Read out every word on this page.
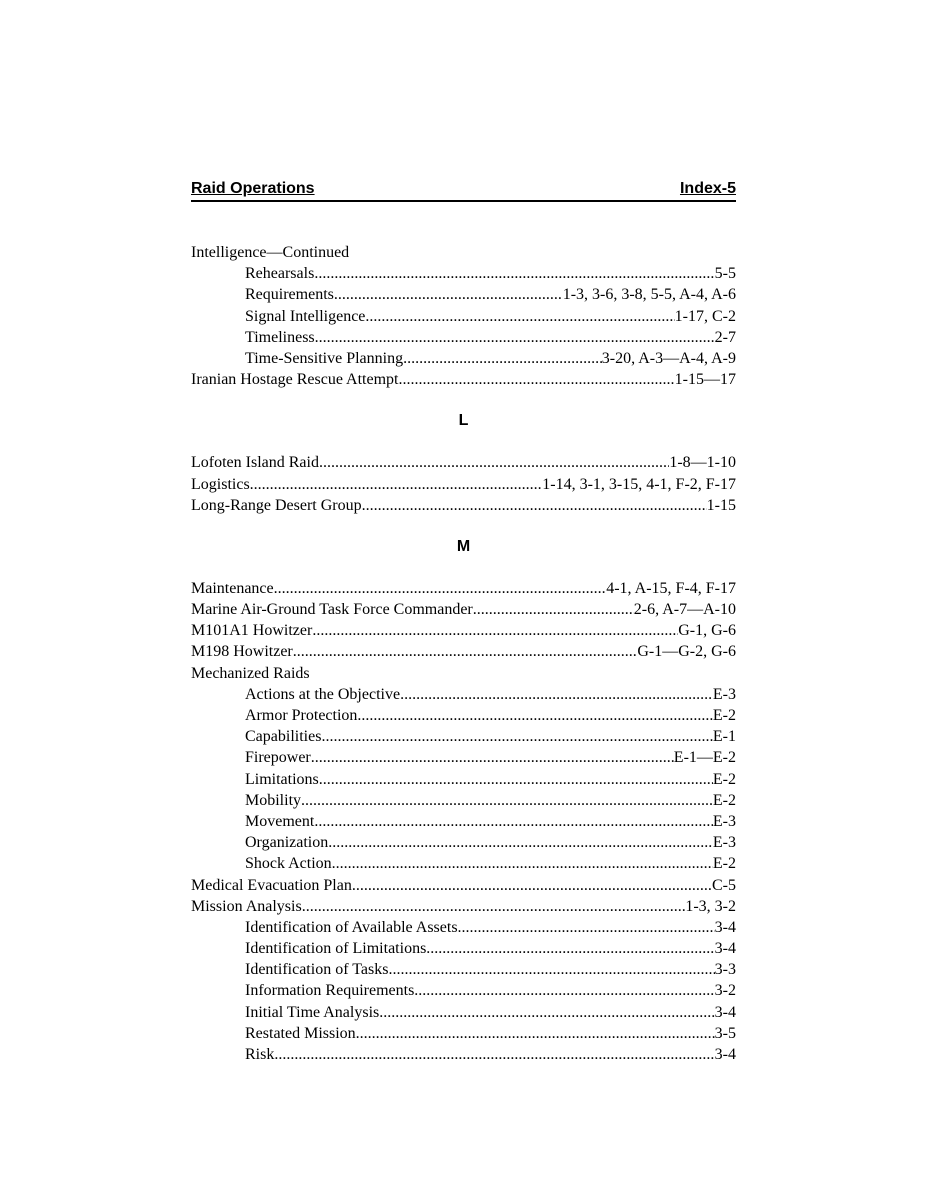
Raid Operations	Index-5
Intelligence—Continued
Rehearsals .....	5-5
Requirements .....	1-3, 3-6, 3-8, 5-5, A-4, A-6
Signal Intelligence .....	1-17, C-2
Timeliness .....	2-7
Time-Sensitive Planning .....	3-20, A-3—A-4, A-9
Iranian Hostage Rescue Attempt .....	1-15—17
L
Lofoten Island Raid .....	1-8—1-10
Logistics .....	1-14, 3-1, 3-15, 4-1, F-2, F-17
Long-Range Desert Group .....	1-15
M
Maintenance .....	4-1, A-15, F-4, F-17
Marine Air-Ground Task Force Commander .....	2-6, A-7—A-10
M101A1 Howitzer .....	G-1, G-6
M198 Howitzer .....	G-1—G-2, G-6
Mechanized Raids
Actions at the Objective .....	E-3
Armor Protection .....	E-2
Capabilities .....	E-1
Firepower .....	E-1—E-2
Limitations .....	E-2
Mobility .....	E-2
Movement .....	E-3
Organization .....	E-3
Shock Action .....	E-2
Medical Evacuation Plan .....	C-5
Mission Analysis .....	1-3, 3-2
Identification of Available Assets .....	3-4
Identification of Limitations .....	3-4
Identification of Tasks .....	3-3
Information Requirements .....	3-2
Initial Time Analysis .....	3-4
Restated Mission .....	3-5
Risk .....	3-4
